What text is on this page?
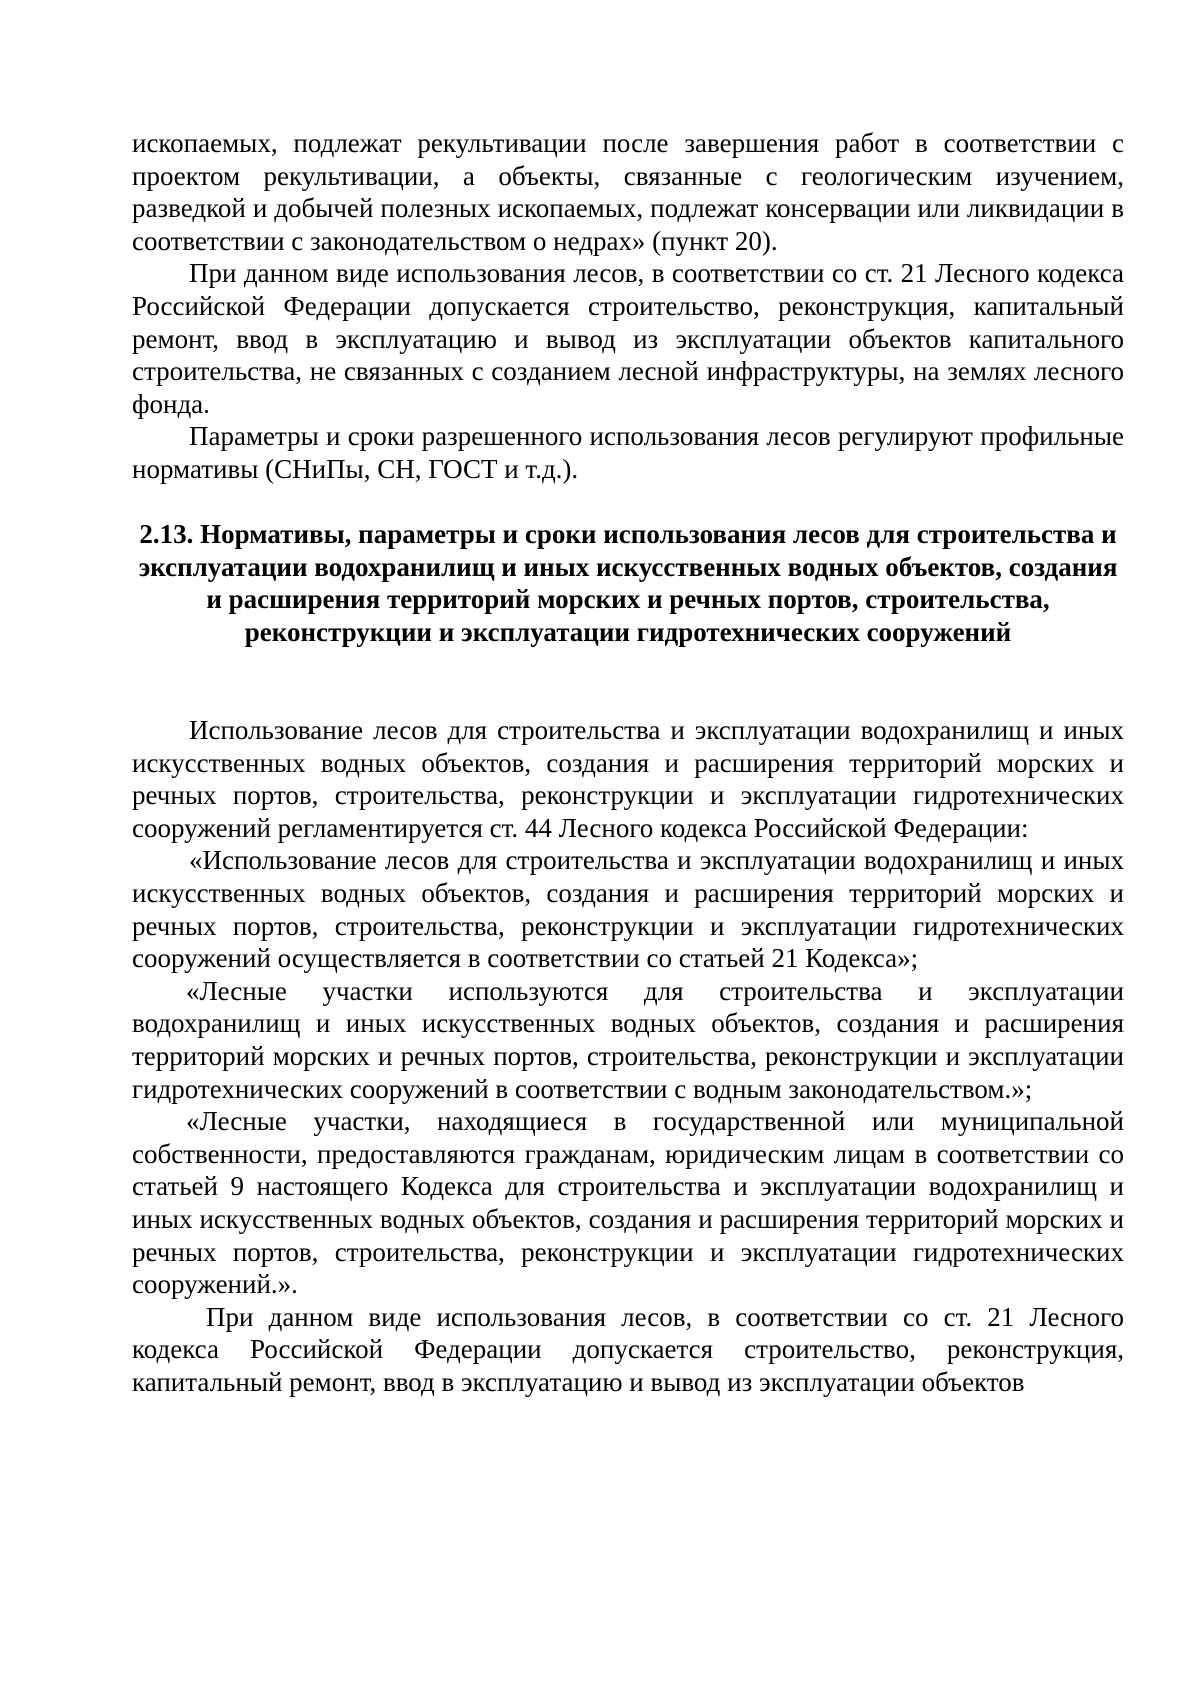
ископаемых, подлежат рекультивации после завершения работ в соответствии с проектом рекультивации, а объекты, связанные с геологическим изучением, разведкой и добычей полезных ископаемых, подлежат консервации или ликвидации в соответствии с законодательством о недрах» (пункт 20).

При данном виде использования лесов, в соответствии со ст. 21 Лесного кодекса Российской Федерации допускается строительство, реконструкция, капитальный ремонт, ввод в эксплуатацию и вывод из эксплуатации объектов капитального строительства, не связанных с созданием лесной инфраструктуры, на землях лесного фонда.

Параметры и сроки разрешенного использования лесов регулируют профильные нормативы (СНиПы, СН, ГОСТ и т.д.).

2.13. Нормативы, параметры и сроки использования лесов для строительства и эксплуатации водохранилищ и иных искусственных водных объектов, создания и расширения территорий морских и речных портов, строительства, реконструкции и эксплуатации гидротехнических сооружений

Использование лесов для строительства и эксплуатации водохранилищ и иных искусственных водных объектов, создания и расширения территорий морских и речных портов, строительства, реконструкции и эксплуатации гидротехнических сооружений регламентируется ст. 44 Лесного кодекса Российской Федерации:

«Использование лесов для строительства и эксплуатации водохранилищ и иных искусственных водных объектов, создания и расширения территорий морских и речных портов, строительства, реконструкции и эксплуатации гидротехнических сооружений осуществляется в соответствии со статьей 21 Кодекса»;

«Лесные участки используются для строительства и эксплуатации водохранилищ и иных искусственных водных объектов, создания и расширения территорий морских и речных портов, строительства, реконструкции и эксплуатации гидротехнических сооружений в соответствии с водным законодательством.»;

«Лесные участки, находящиеся в государственной или муниципальной собственности, предоставляются гражданам, юридическим лицам в соответствии со статьей 9 настоящего Кодекса для строительства и эксплуатации водохранилищ и иных искусственных водных объектов, создания и расширения территорий морских и речных портов, строительства, реконструкции и эксплуатации гидротехнических сооружений.».

При данном виде использования лесов, в соответствии со ст. 21 Лесного кодекса Российской Федерации допускается строительство, реконструкция, капитальный ремонт, ввод в эксплуатацию и вывод из эксплуатации объектов
